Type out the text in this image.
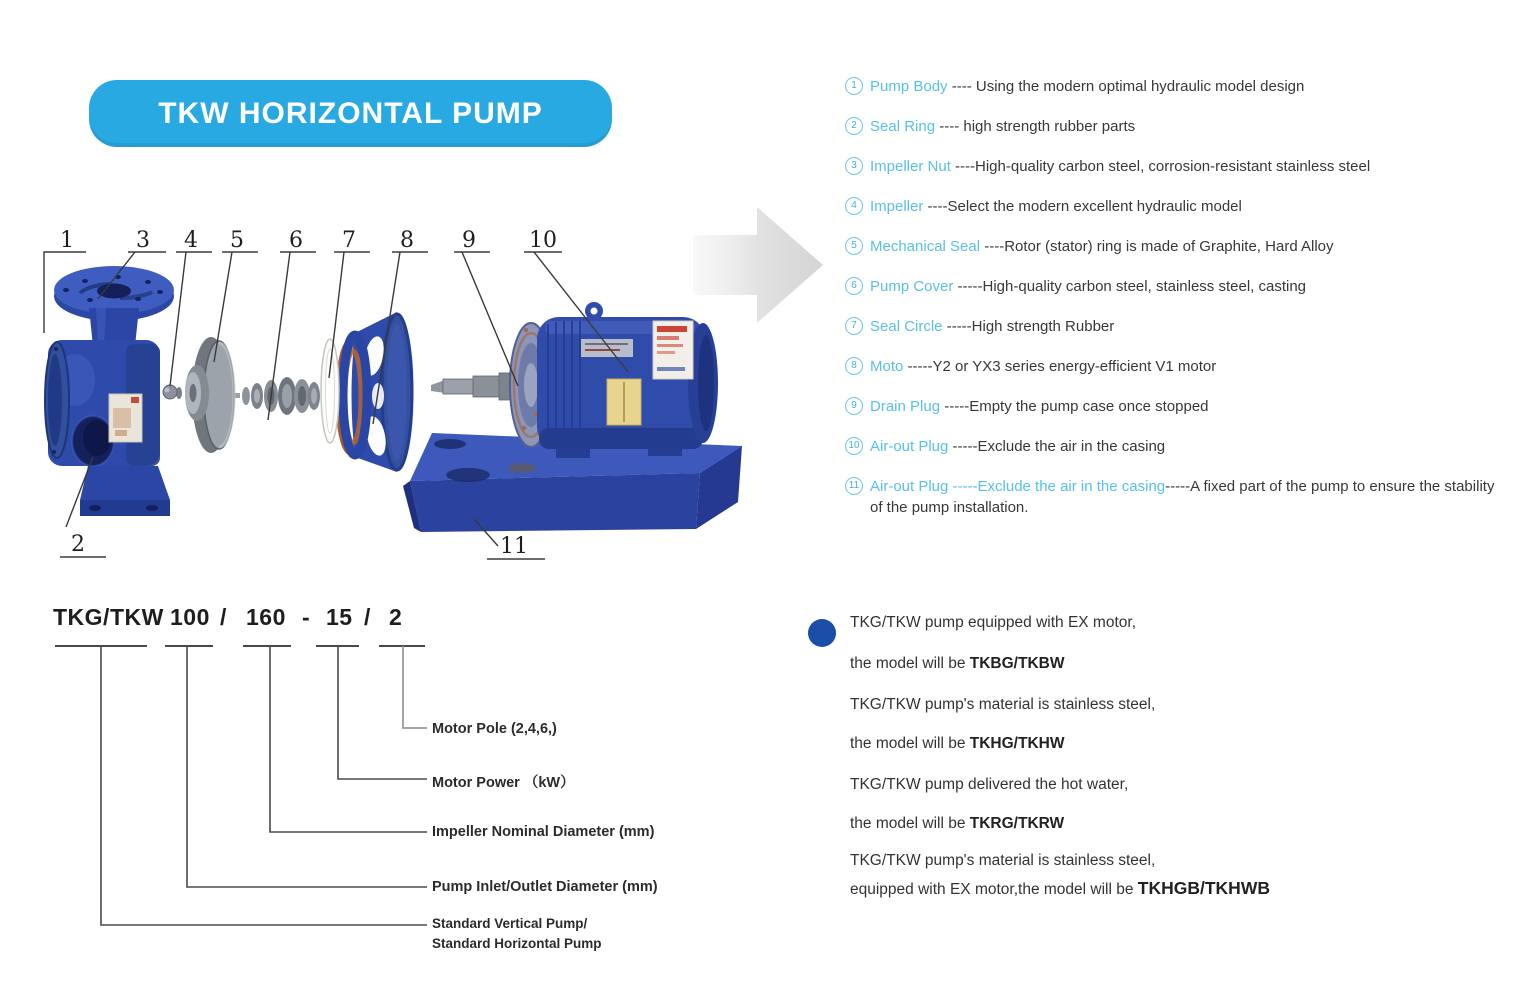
TKW HORIZONTAL PUMP
1	3 4 5 6 7 8 9 10
2	11
1 Pump Body ---- Using the modern optimal hydraulic model design
2 Seal Ring ---- high strength rubber parts
3 Impeller Nut ----High-quality carbon steel, corrosion-resistant stainless steel
4 Impeller ----Select the modern excellent hydraulic model
5 Mechanical Seal ----Rotor (stator) ring is made of Graphite, Hard Alloy
6 Pump Cover -----High-quality carbon steel, stainless steel, casting
7 Seal Circle -----High strength Rubber
8 Moto -----Y2 or YX3 series energy-efficient V1 motor
9 Drain Plug -----Empty the pump case once stopped
10 Air-out Plug -----Exclude the air in the casing
11 Air-out Plug -----Exclude the air in the casing-----A fixed part of the pump to ensure the stability of the pump installation.
TKG/TKW 100 / 160 - 15 / 2
Motor Pole (2,4,6,)
Motor Power （kW）
Impeller Nominal Diameter (mm)
Pump Inlet/Outlet Diameter (mm)
Standard Vertical Pump/
Standard Horizontal Pump
TKG/TKW pump equipped with EX motor,
the model will be TKBG/TKBW
TKG/TKW pump's material is stainless steel,
the model will be TKHG/TKHW
TKG/TKW pump delivered the hot water,
the model will be TKRG/TKRW
TKG/TKW pump's material is stainless steel,
equipped with EX motor,the model will be TKHGB/TKHWB
